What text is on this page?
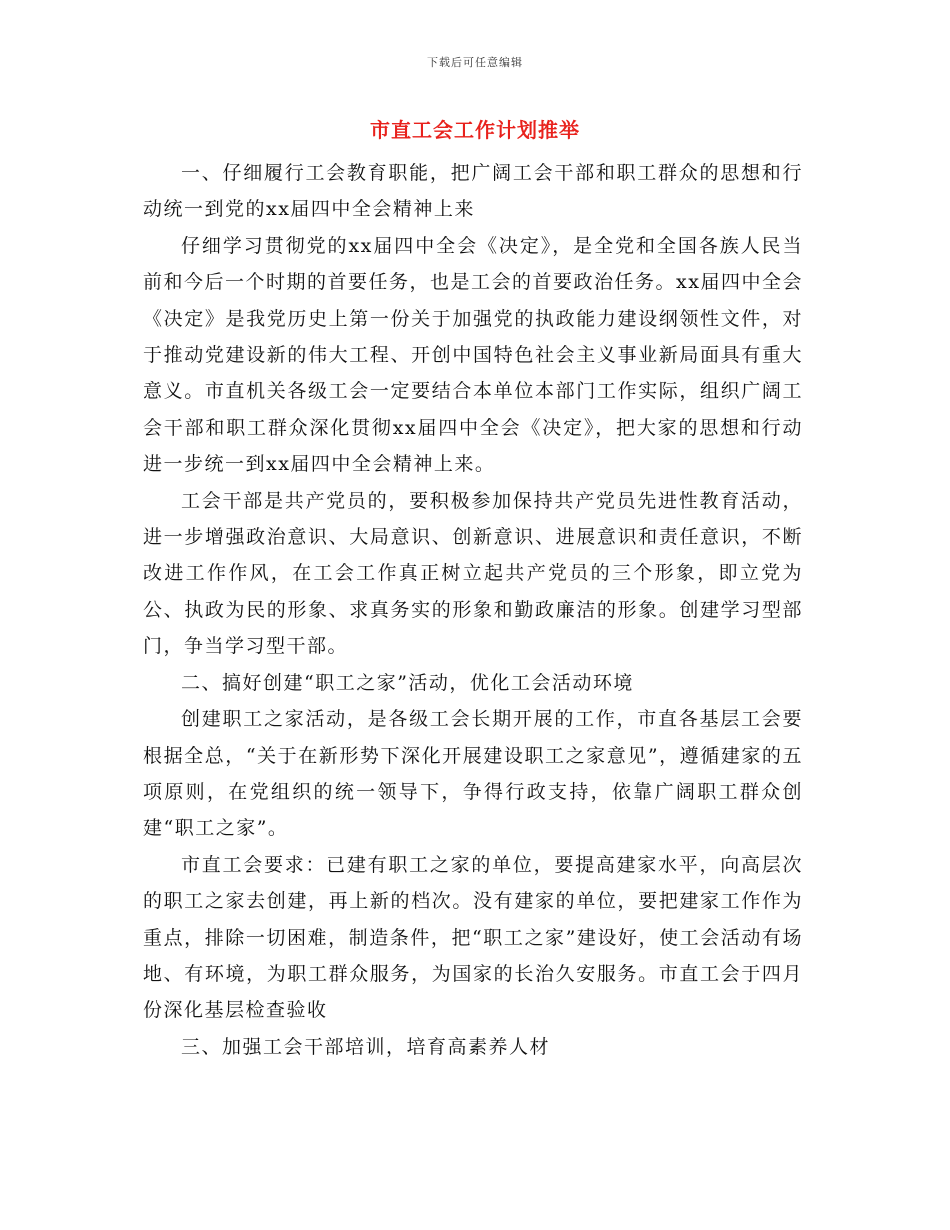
下载后可任意编辑
市直工会工作计划推举

一、仔细履行工会教育职能，把广阔工会干部和职工群众的思想和行动统一到党的xx届四中全会精神上来

仔细学习贯彻党的xx届四中全会《决定》，是全党和全国各族人民当前和今后一个时期的首要任务，也是工会的首要政治任务。xx届四中全会《决定》是我党历史上第一份关于加强党的执政能力建设纲领性文件，对于推动党建设新的伟大工程、开创中国特色社会主义事业新局面具有重大意义。市直机关各级工会一定要结合本单位本部门工作实际，组织广阔工会干部和职工群众深化贯彻xx届四中全会《决定》，把大家的思想和行动进一步统一到xx届四中全会精神上来。

工会干部是共产党员的，要积极参加保持共产党员先进性教育活动，进一步增强政治意识、大局意识、创新意识、进展意识和责任意识，不断改进工作作风，在工会工作真正树立起共产党员的三个形象，即立党为公、执政为民的形象、求真务实的形象和勤政廉洁的形象。创建学习型部门，争当学习型干部。

二、搞好创建“职工之家”活动，优化工会活动环境

创建职工之家活动，是各级工会长期开展的工作，市直各基层工会要根据全总，“关于在新形势下深化开展建设职工之家意见”，遵循建家的五项原则，在党组织的统一领导下，争得行政支持，依靠广阔职工群众创建“职工之家”。

市直工会要求：已建有职工之家的单位，要提高建家水平，向高层次的职工之家去创建，再上新的档次。没有建家的单位，要把建家工作作为重点，排除一切困难，制造条件，把“职工之家”建设好，使工会活动有场地、有环境，为职工群众服务，为国家的长治久安服务。市直工会于四月份深化基层检查验收

三、加强工会干部培训，培育高素养人材
